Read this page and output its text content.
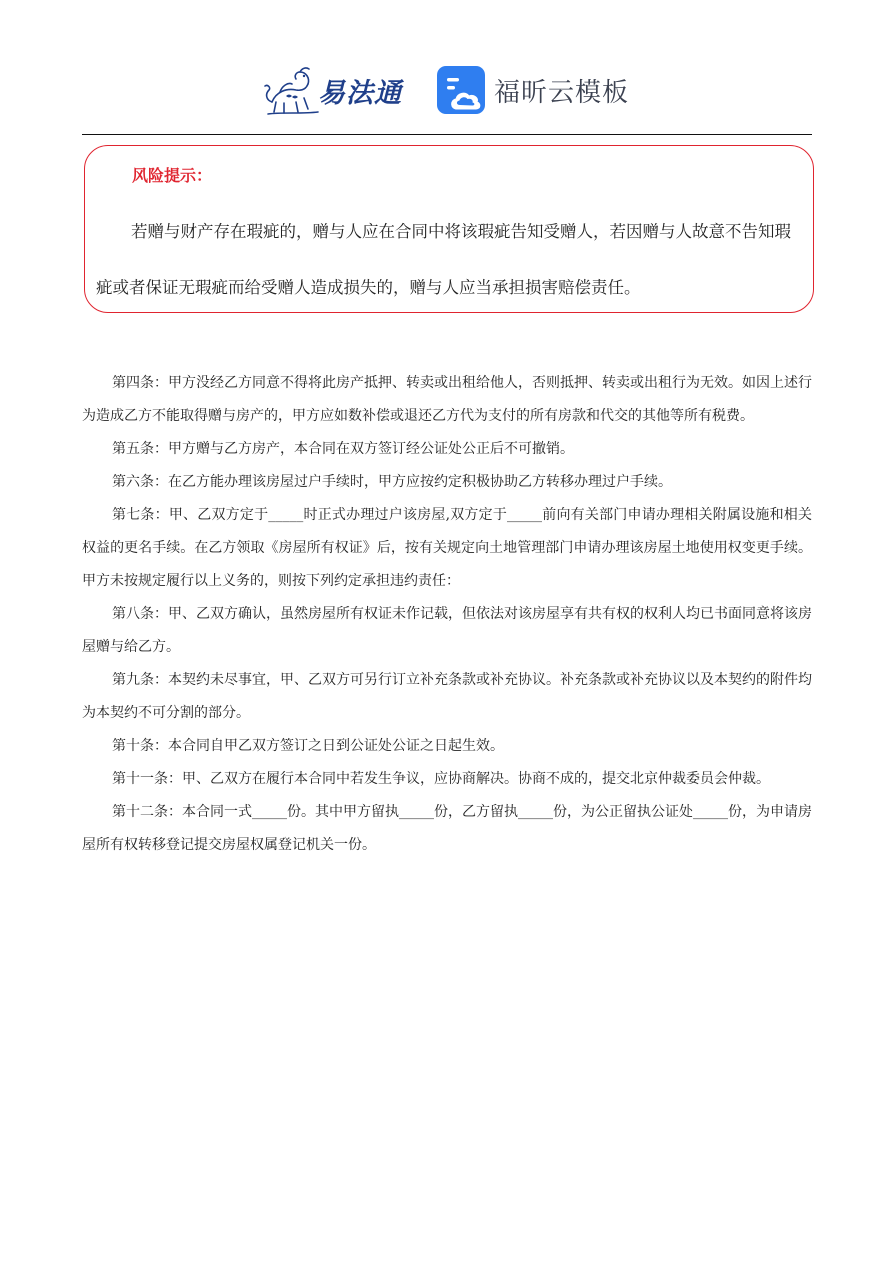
易法通	福昕云模板
风险提示：
若赠与财产存在瑕疵的，赠与人应在合同中将该瑕疵告知受赠人，若因赠与人故意不告知瑕疵或者保证无瑕疵而给受赠人造成损失的，赠与人应当承担损害赔偿责任。

第四条：甲方没经乙方同意不得将此房产抵押、转卖或出租给他人，否则抵押、转卖或出租行为无效。如因上述行为造成乙方不能取得赠与房产的，甲方应如数补偿或退还乙方代为支付的所有房款和代交的其他等所有税费。

第五条：甲方赠与乙方房产，本合同在双方签订经公证处公正后不可撤销。

第六条：在乙方能办理该房屋过户手续时，甲方应按约定积极协助乙方转移办理过户手续。

第七条：甲、乙双方定于_____时正式办理过户该房屋,双方定于_____前向有关部门申请办理相关附属设施和相关权益的更名手续。在乙方领取《房屋所有权证》后，按有关规定向土地管理部门申请办理该房屋土地使用权变更手续。甲方未按规定履行以上义务的，则按下列约定承担违约责任：

第八条：甲、乙双方确认，虽然房屋所有权证未作记载，但依法对该房屋享有共有权的权利人均已书面同意将该房屋赠与给乙方。

第九条：本契约未尽事宜，甲、乙双方可另行订立补充条款或补充协议。补充条款或补充协议以及本契约的附件均为本契约不可分割的部分。

第十条：本合同自甲乙双方签订之日到公证处公证之日起生效。

第十一条：甲、乙双方在履行本合同中若发生争议，应协商解决。协商不成的，提交北京仲裁委员会仲裁。

第十二条：本合同一式_____份。其中甲方留执_____份，乙方留执_____份，为公正留执公证处_____份，为申请房屋所有权转移登记提交房屋权属登记机关一份。
